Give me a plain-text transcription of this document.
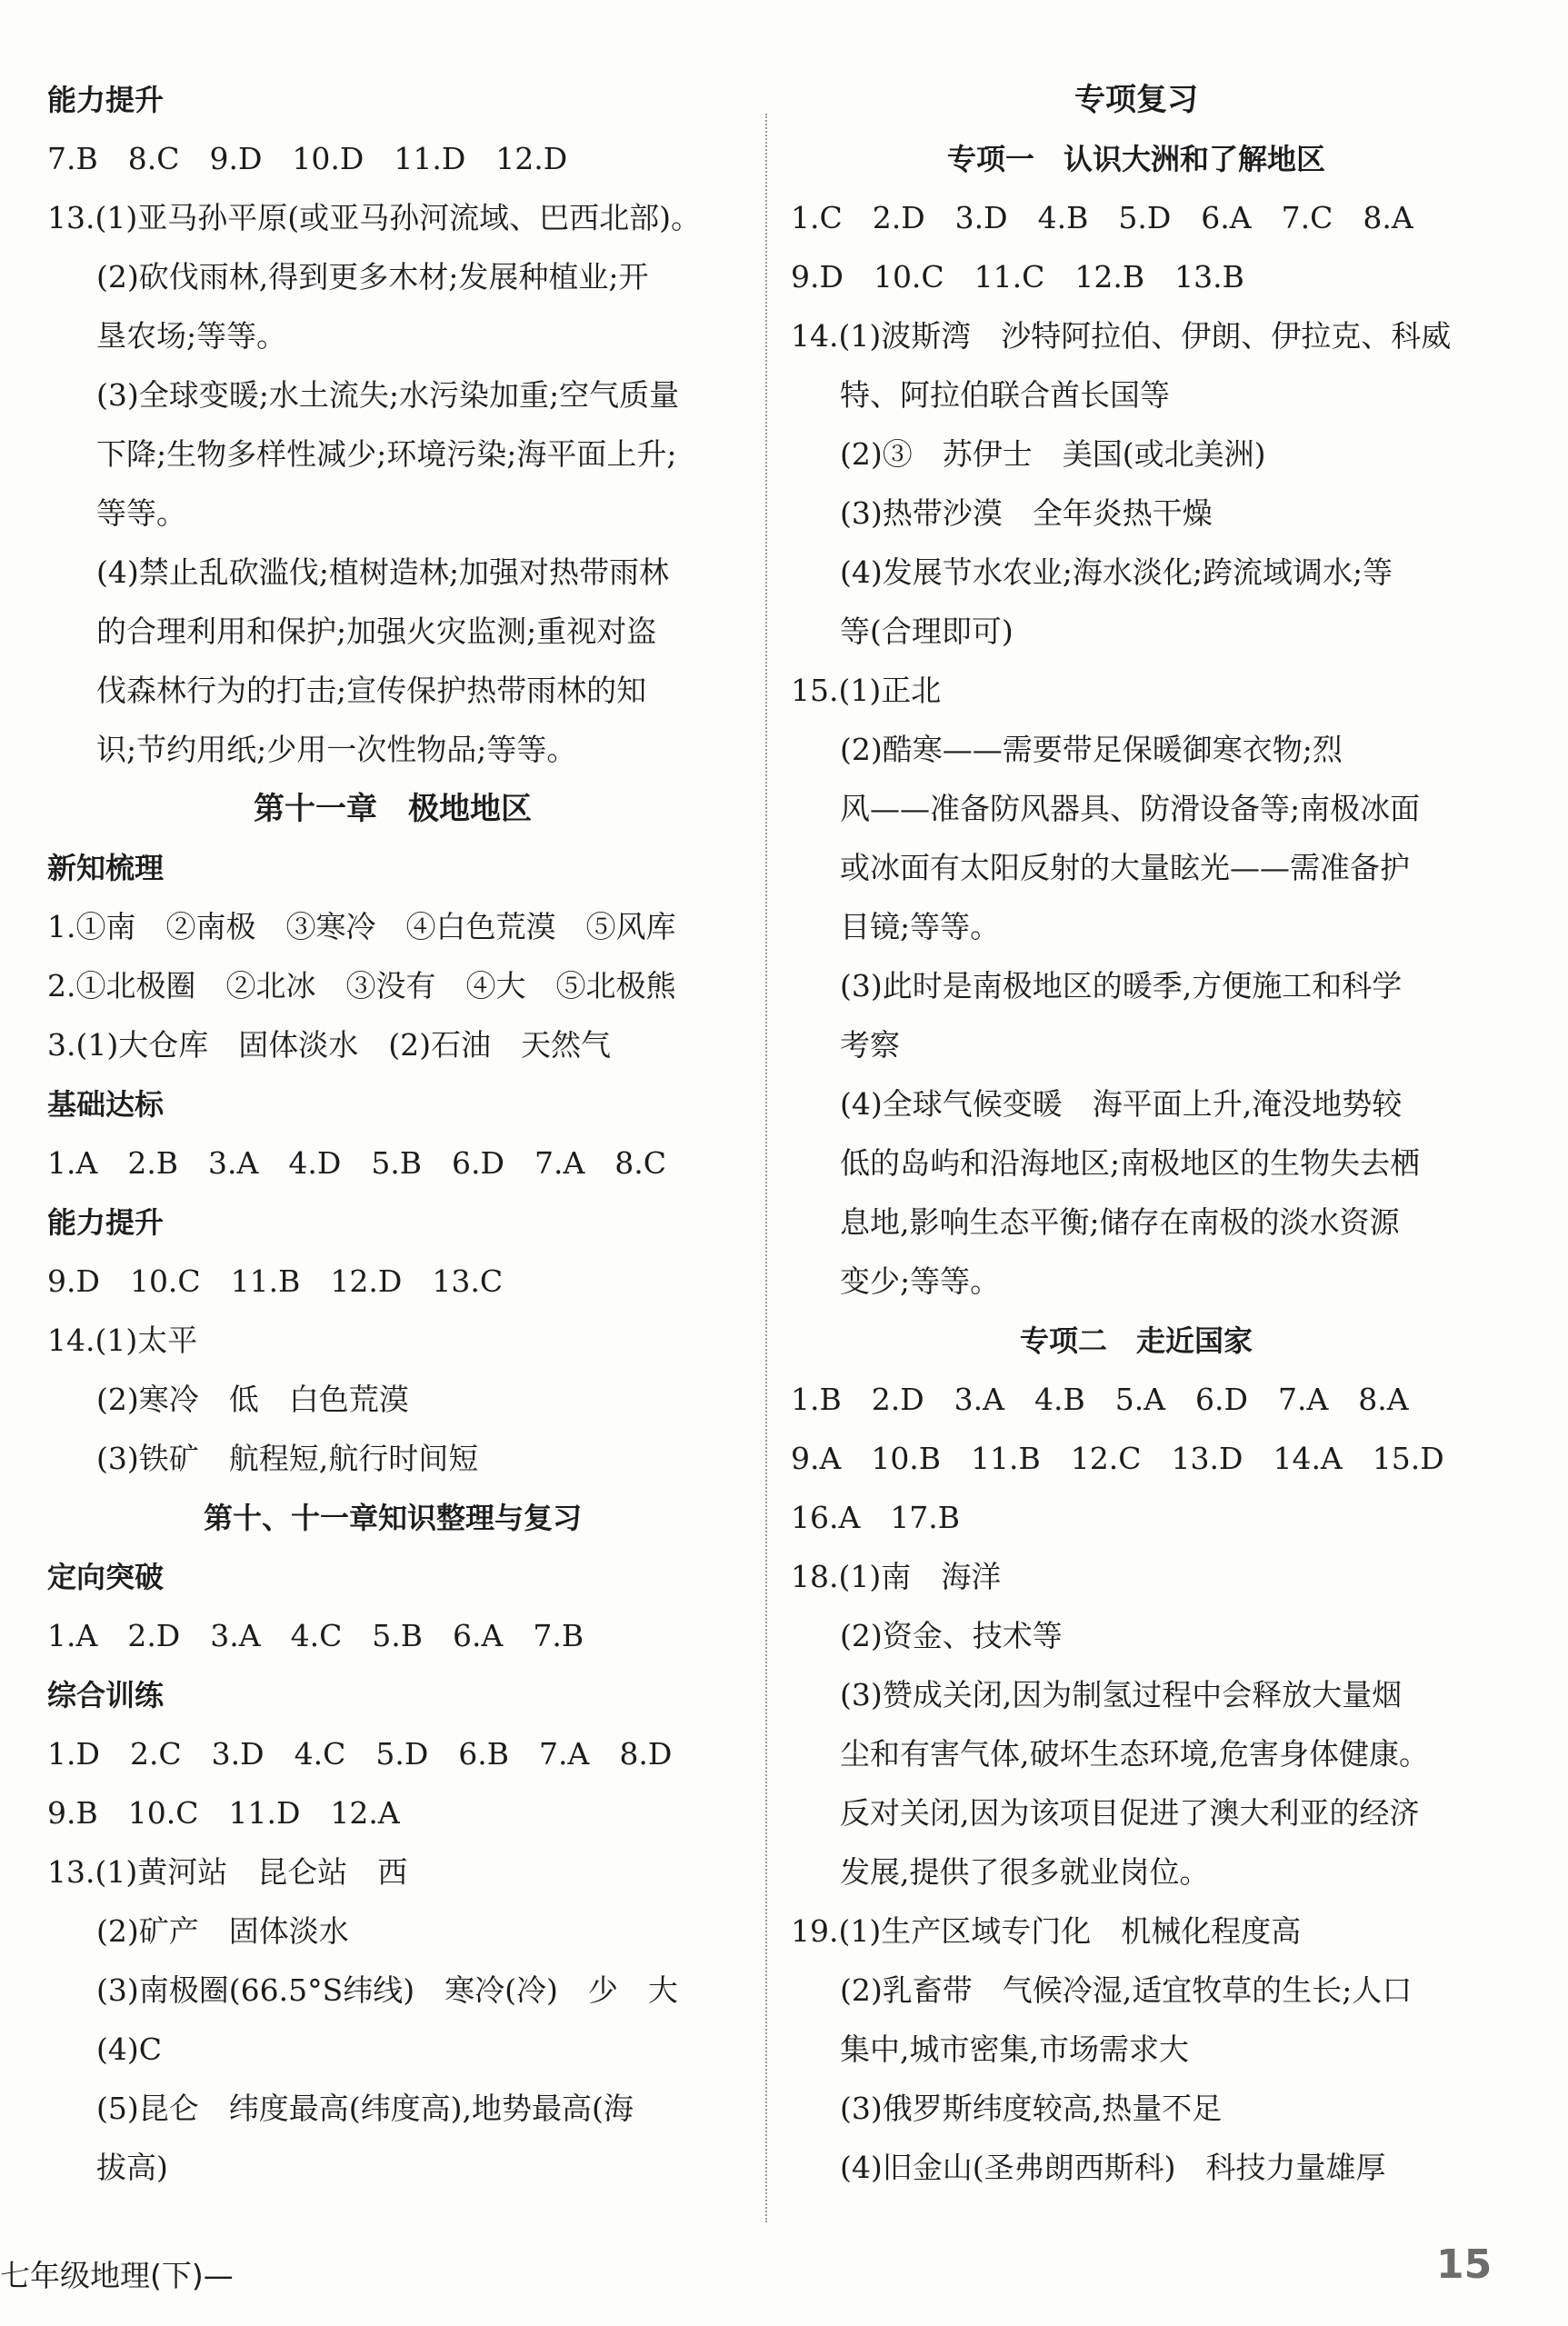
能力提升
7.B　8.C　9.D　10.D　11.D　12.D
13.(1)亚马孙平原(或亚马孙河流域、巴西北部)。
(2)砍伐雨林,得到更多木材;发展种植业;开
垦农场;等等。
(3)全球变暖;水土流失;水污染加重;空气质量
下降;生物多样性减少;环境污染;海平面上升;
等等。
(4)禁止乱砍滥伐;植树造林;加强对热带雨林
的合理利用和保护;加强火灾监测;重视对盗
伐森林行为的打击;宣传保护热带雨林的知
识;节约用纸;少用一次性物品;等等。
第十一章　极地地区
新知梳理
1.①南　②南极　③寒冷　④白色荒漠　⑤风库
2.①北极圈　②北冰　③没有　④大　⑤北极熊
3.(1)大仓库　固体淡水　(2)石油　天然气
基础达标
1.A　2.B　3.A　4.D　5.B　6.D　7.A　8.C
能力提升
9.D　10.C　11.B　12.D　13.C
14.(1)太平
(2)寒冷　低　白色荒漠
(3)铁矿　航程短,航行时间短
第十、十一章知识整理与复习
定向突破
1.A　2.D　3.A　4.C　5.B　6.A　7.B
综合训练
1.D　2.C　3.D　4.C　5.D　6.B　7.A　8.D
9.B　10.C　11.D　12.A
13.(1)黄河站　昆仑站　西
(2)矿产　固体淡水
(3)南极圈(66.5°S纬线)　寒冷(冷)　少　大
(4)C
(5)昆仑　纬度最高(纬度高),地势最高(海
拔高)
专项复习
专项一　认识大洲和了解地区
1.C　2.D　3.D　4.B　5.D　6.A　7.C　8.A
9.D　10.C　11.C　12.B　13.B
14.(1)波斯湾　沙特阿拉伯、伊朗、伊拉克、科威
特、阿拉伯联合酋长国等
(2)③　苏伊士　美国(或北美洲)
(3)热带沙漠　全年炎热干燥
(4)发展节水农业;海水淡化;跨流域调水;等
等(合理即可)
15.(1)正北
(2)酷寒——需要带足保暖御寒衣物;烈
风——准备防风器具、防滑设备等;南极冰面
或冰面有太阳反射的大量眩光——需准备护
目镜;等等。
(3)此时是南极地区的暖季,方便施工和科学
考察
(4)全球气候变暖　海平面上升,淹没地势较
低的岛屿和沿海地区;南极地区的生物失去栖
息地,影响生态平衡;储存在南极的淡水资源
变少;等等。
专项二　走近国家
1.B　2.D　3.A　4.B　5.A　6.D　7.A　8.A
9.A　10.B　11.B　12.C　13.D　14.A　15.D
16.A　17.B
18.(1)南　海洋
(2)资金、技术等
(3)赞成关闭,因为制氢过程中会释放大量烟
尘和有害气体,破坏生态环境,危害身体健康。
反对关闭,因为该项目促进了澳大利亚的经济
发展,提供了很多就业岗位。
19.(1)生产区域专门化　机械化程度高
(2)乳畜带　气候冷湿,适宜牧草的生长;人口
集中,城市密集,市场需求大
(3)俄罗斯纬度较高,热量不足
(4)旧金山(圣弗朗西斯科)　科技力量雄厚
七年级地理(下)—	15
